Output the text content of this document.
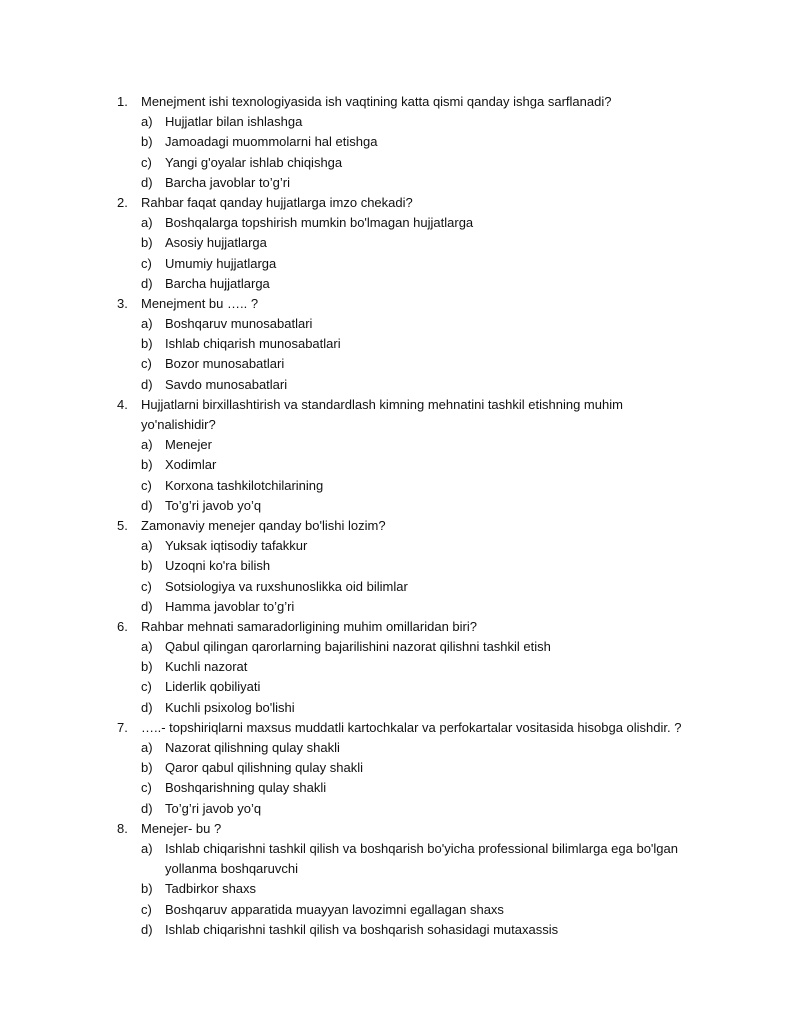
1. Menejment ishi texnologiyasida ish vaqtining katta qismi qanday ishga sarflanadi?
a) Hujjatlar bilan ishlashga
b) Jamoadagi muommolarni hal etishga
c) Yangi g'oyalar ishlab chiqishga
d) Barcha javoblar to’g’ri
2. Rahbar faqat qanday hujjatlarga imzo chekadi?
a) Boshqalarga topshirish mumkin bo'lmagan hujjatlarga
b) Asosiy hujjatlarga
c) Umumiy hujjatlarga
d) Barcha hujjatlarga
3. Menejment bu ….. ?
a) Boshqaruv munosabatlari
b) Ishlab chiqarish munosabatlari
c) Bozor munosabatlari
d) Savdo munosabatlari
4. Hujjatlarni birxillashtirish va standardlash kimning mehnatini tashkil etishning muhim
yo'nalishidir?
a) Menejer
b) Xodimlar
c) Korxona tashkilotchilarining
d) To’g’ri javob yo’q
5. Zamonaviy menejer qanday bo'lishi lozim?
a) Yuksak iqtisodiy tafakkur
b) Uzoqni ko'ra bilish
c) Sotsiologiya va ruxshunoslikka oid bilimlar
d) Hamma javoblar to’g’ri
6. Rahbar mehnati samaradorligining muhim omillaridan biri?
a) Qabul qilingan qarorlarning bajarilishini nazorat qilishni tashkil etish
b) Kuchli nazorat
c) Liderlik qobiliyati
d) Kuchli psixolog bo'lishi
7. …..- topshiriqlarni maxsus muddatli kartochkalar va perfokartalar vositasida hisobga olishdir. ?
a) Nazorat qilishning qulay shakli
b) Qaror qabul qilishning qulay shakli
c) Boshqarishning qulay shakli
d) To’g’ri javob yo’q
8. Menejer- bu ?
a) Ishlab chiqarishni tashkil qilish va boshqarish bo'yicha professional bilimlarga ega bo'lgan
yollanma boshqaruvchi
b) Tadbirkor shaxs
c) Boshqaruv apparatida muayyan lavozimni egallagan shaxs
d) Ishlab chiqarishni tashkil qilish va boshqarish sohasidagi mutaxassis
